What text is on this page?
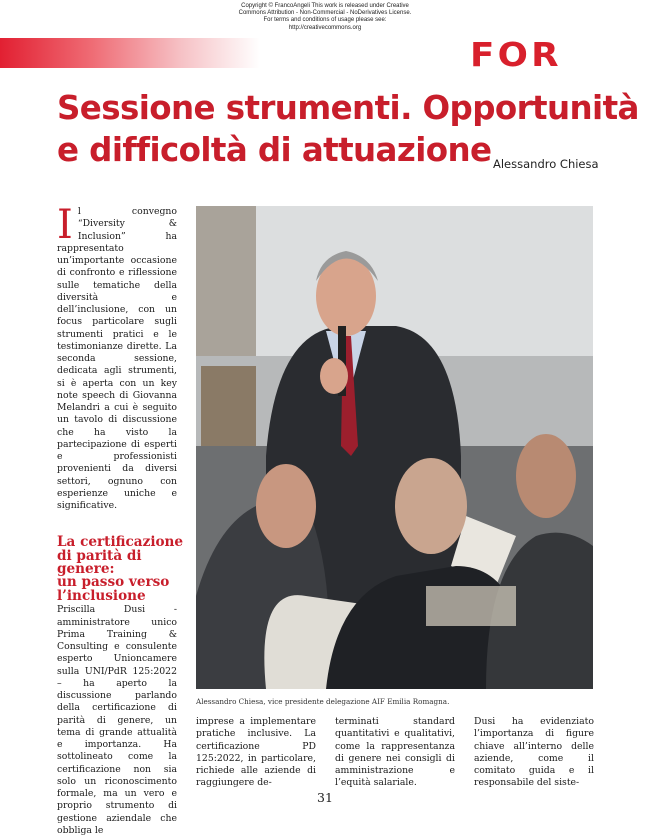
Copyright © FrancoAngeli This work is released under Creative
Commons Attribution - Non-Commercial - NoDerivatives License.
For terms and conditions of usage please see:
http://creativecommons.org
FOR
Sessione strumenti. Opportunità
e difficoltà di attuazione Alessandro Chiesa

Il convegno “Diversity & Inclusion” ha rappresentato un’importante occasione di confronto e riflessione sulle tematiche della diversità e dell’inclusione, con un focus particolare sugli strumenti pratici e le testimonianze dirette. La seconda sessione, dedicata agli strumenti, si è aperta con un key note speech di Giovanna Melandri a cui è seguito un tavolo di discussione che ha visto la partecipazione di esperti e professionisti provenienti da diversi settori, ognuno con esperienze uniche e significative.

La certificazione
di parità di
genere:
un passo verso
l’inclusione

Priscilla Dusi - amministratore unico Prima Training & Consulting e consulente esperto Unioncamere sulla UNI/PdR 125:2022 – ha aperto la discussione parlando della certificazione di parità di genere, un tema di grande attualità e importanza. Ha sottolineato come la certificazione non sia solo un riconoscimento formale, ma un vero e proprio strumento di gestione aziendale che obbliga le

Alessandro Chiesa, vice presidente delegazione AIF Emilia Romagna.

imprese a implementare pratiche inclusive. La certificazione PD 125:2022, in particolare, richiede alle aziende di raggiungere de-

terminati standard quantitativi e qualitativi, come la rappresentanza di genere nei consigli di amministrazione e l’equità salariale.

Dusi ha evidenziato l’importanza di figure chiave all’interno delle aziende, come il comitato guida e il responsabile del siste-

31
